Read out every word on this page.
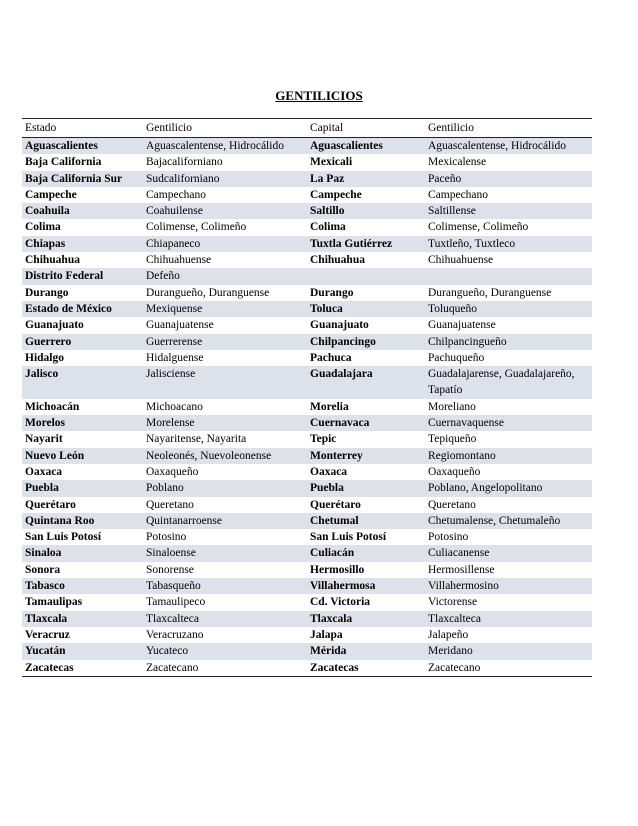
GENTILICIOS
Estado	Gentilicio	Capital	Gentilicio
Aguascalientes	Aguascalentense, Hidrocálido	Aguascalientes	Aguascalentense, Hidrocálido
Baja California	Bajacaliforniano	Mexicali	Mexicalense
Baja California Sur	Sudcaliforniano	La Paz	Paceño
Campeche	Campechano	Campeche	Campechano
Coahuila	Coahuilense	Saltillo	Saltillense
Colima	Colimense, Colimeño	Colima	Colimense, Colimeño
Chiapas	Chiapaneco	Tuxtla Gutiérrez	Tuxtleño, Tuxtleco
Chihuahua	Chihuahuense	Chihuahua	Chihuahuense
Distrito Federal	Defeño		
Durango	Durangueño, Duranguense	Durango	Durangueño, Duranguense
Estado de México	Mexiquense	Toluca	Toluqueño
Guanajuato	Guanajuatense	Guanajuato	Guanajuatense
Guerrero	Guerrerense	Chilpancingo	Chilpancingueño
Hidalgo	Hidalguense	Pachuca	Pachuqueño
Jalisco	Jalisciense	Guadalajara	Guadalajarense, Guadalajareño, Tapatío
Michoacán	Michoacano	Morelia	Moreliano
Morelos	Morelense	Cuernavaca	Cuernavaquense
Nayarit	Nayaritense, Nayarita	Tepic	Tepiqueño
Nuevo León	Neoleonés, Nuevoleonense	Monterrey	Regiomontano
Oaxaca	Oaxaqueño	Oaxaca	Oaxaqueño
Puebla	Poblano	Puebla	Poblano, Angelopolitano
Querétaro	Queretano	Querétaro	Queretano
Quintana Roo	Quintanarroense	Chetumal	Chetumalense, Chetumaleño
San Luis Potosí	Potosino	San Luis Potosí	Potosino
Sinaloa	Sinaloense	Culiacán	Culiacanense
Sonora	Sonorense	Hermosillo	Hermosillense
Tabasco	Tabasqueño	Villahermosa	Villahermosino
Tamaulipas	Tamaulipeco	Cd. Victoria	Victorense
Tlaxcala	Tlaxcalteca	Tlaxcala	Tlaxcalteca
Veracruz	Veracruzano	Jalapa	Jalapeño
Yucatán	Yucateco	Mérida	Meridano
Zacatecas	Zacatecano	Zacatecas	Zacatecano
